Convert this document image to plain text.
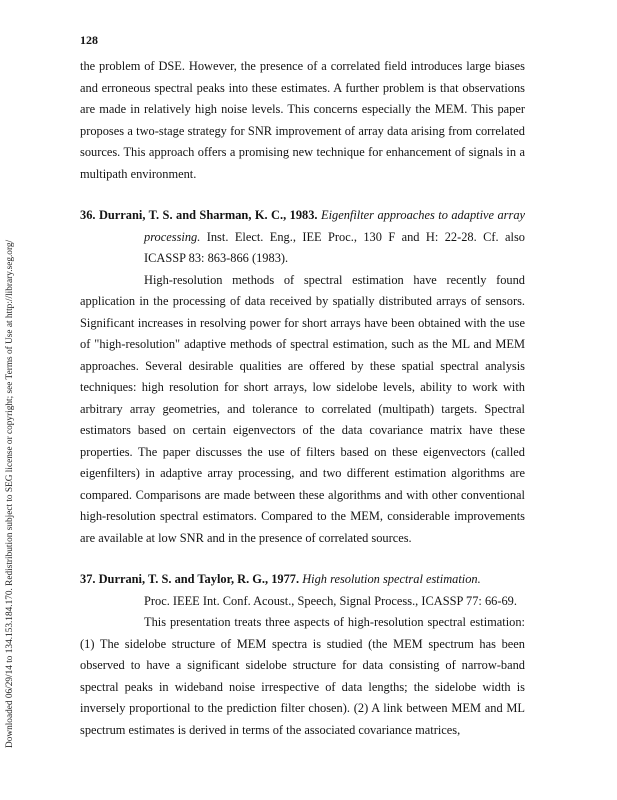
Downloaded 06/29/14 to 134.153.184.170. Redistribution subject to SEG license or copyright; see Terms of Use at http://library.seg.org/
128

the problem of DSE. However, the presence of a correlated field introduces large biases and erroneous spectral peaks into these estimates. A further problem is that observations are made in relatively high noise levels. This concerns especially the MEM. This paper proposes a two-stage strategy for SNR improvement of array data arising from correlated sources. This approach offers a promising new technique for enhancement of signals in a multipath environment.

36. Durrani, T. S. and Sharman, K. C., 1983. Eigenfilter approaches to adaptive array processing. Inst. Elect. Eng., IEE Proc., 130 F and H: 22-28. Cf. also ICASSP 83: 863-866 (1983).

High-resolution methods of spectral estimation have recently found application in the processing of data received by spatially distributed arrays of sensors. Significant increases in resolving power for short arrays have been obtained with the use of "high-resolution" adaptive methods of spectral estimation, such as the ML and MEM approaches. Several desirable qualities are offered by these spatial spectral analysis techniques: high resolution for short arrays, low sidelobe levels, ability to work with arbitrary array geometries, and tolerance to correlated (multipath) targets. Spectral estimators based on certain eigenvectors of the data covariance matrix have these properties. The paper discusses the use of filters based on these eigenvectors (called eigenfilters) in adaptive array processing, and two different estimation algorithms are compared. Comparisons are made between these algorithms and with other conventional high-resolution spectral estimators. Compared to the MEM, considerable improvements are available at low SNR and in the presence of correlated sources.

37. Durrani, T. S. and Taylor, R. G., 1977. High resolution spectral estimation.

Proc. IEEE Int. Conf. Acoust., Speech, Signal Process., ICASSP 77: 66-69.

This presentation treats three aspects of high-resolution spectral estimation: (1) The sidelobe structure of MEM spectra is studied (the MEM spectrum has been observed to have a significant sidelobe structure for data consisting of narrow-band spectral peaks in wideband noise irrespective of data lengths; the sidelobe width is inversely proportional to the prediction filter chosen). (2) A link between MEM and ML spectrum estimates is derived in terms of the associated covariance matrices,
